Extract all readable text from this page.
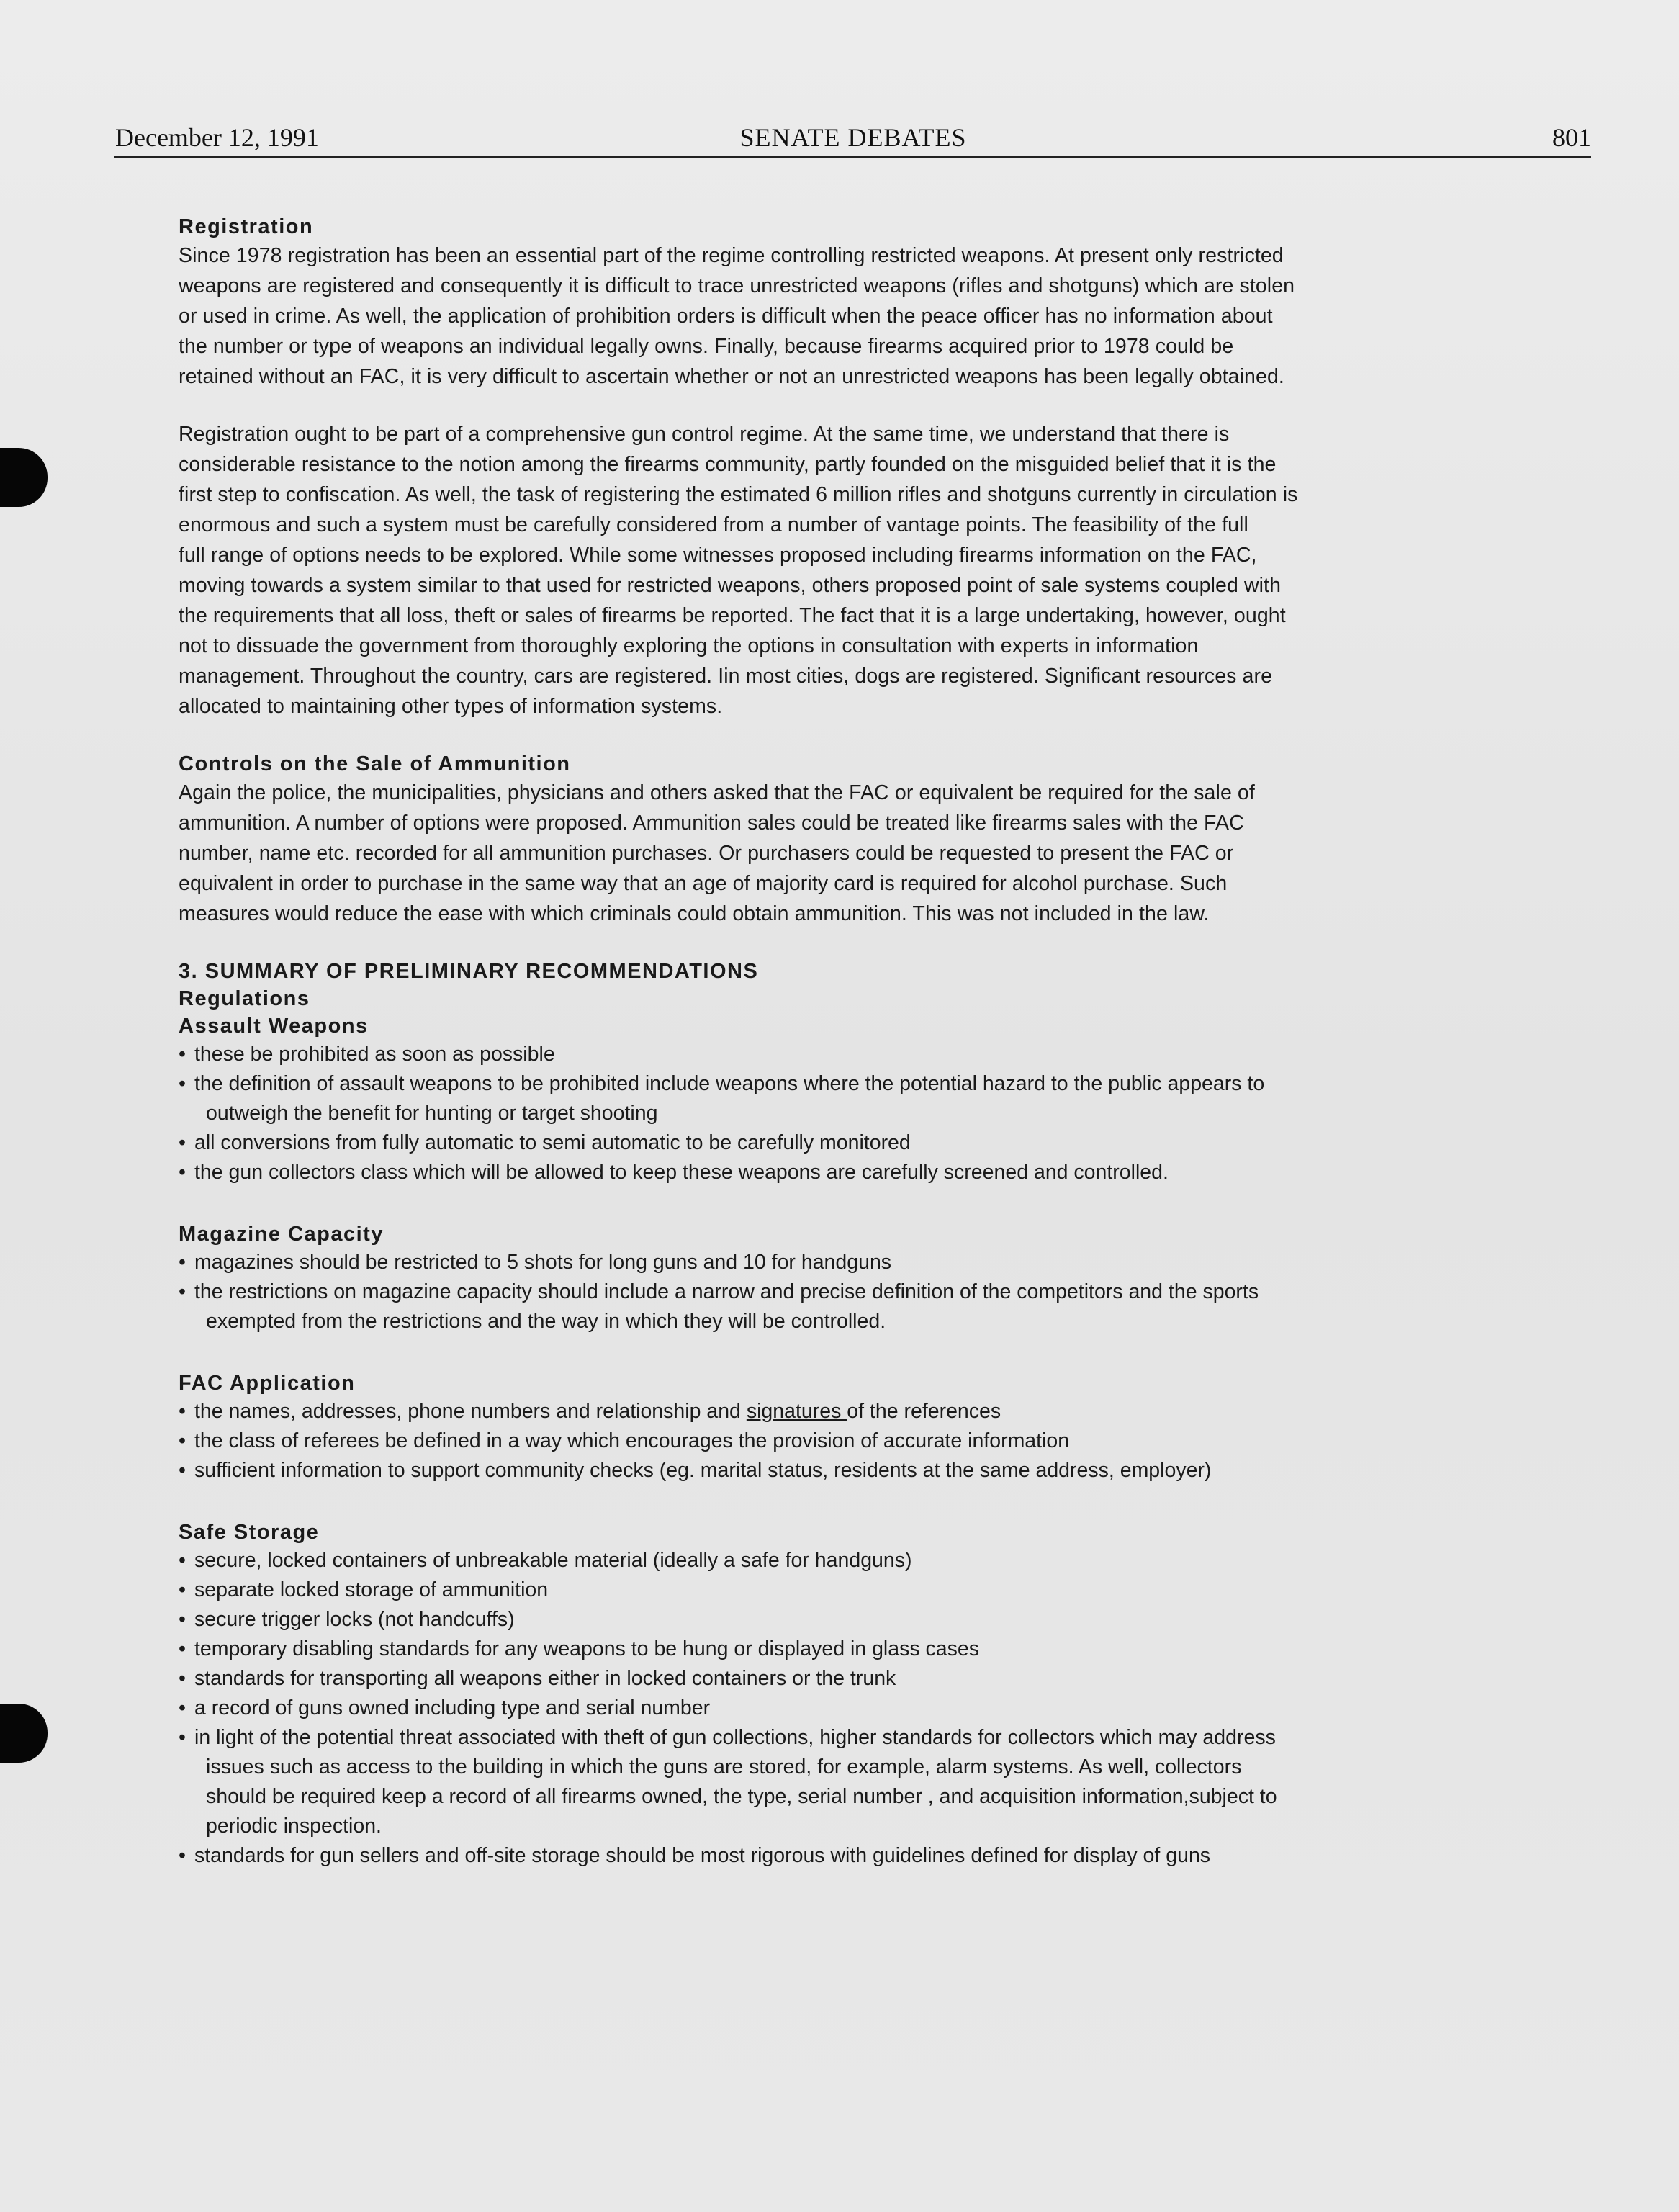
December 12, 1991	SENATE DEBATES	801
Registration

Since 1978 registration has been an essential part of the regime controlling restricted weapons. At present only restricted

weapons are registered and consequently it is difficult to trace unrestricted weapons (rifles and shotguns) which are stolen

or used in crime. As well, the application of prohibition orders is difficult when the peace officer has no information about

the number or type of weapons an individual legally owns. Finally, because firearms acquired prior to 1978 could be

retained without an FAC, it is very difficult to ascertain whether or not an unrestricted weapons has been legally obtained.

Registration ought to be part of a comprehensive gun control regime. At the same time, we understand that there is

considerable resistance to the notion among the firearms community, partly founded on the misguided belief that it is the

first step to confiscation. As well, the task of registering the estimated 6 million rifles and shotguns currently in circulation is

enormous and such a system must be carefully considered from a number of vantage points. The feasibility of the full

full range of options needs to be explored. While some witnesses proposed including firearms information on the FAC,

moving towards a system similar to that used for restricted weapons, others proposed point of sale systems coupled with

the requirements that all loss, theft or sales of firearms be reported. The fact that it is a large undertaking, however, ought

not to dissuade the government from thoroughly exploring the options in consultation with experts in information

management. Throughout the country, cars are registered. Iin most cities, dogs are registered. Significant resources are

allocated to maintaining other types of information systems.

Controls on the Sale of Ammunition

Again the police, the municipalities, physicians and others asked that the FAC or equivalent be required for the sale of

ammunition. A number of options were proposed. Ammunition sales could be treated like firearms sales with the FAC

number, name etc. recorded for all ammunition purchases. Or purchasers could be requested to present the FAC or

equivalent in order to purchase in the same way that an age of majority card is required for alcohol purchase. Such

measures would reduce the ease with which criminals could obtain ammunition. This was not included in the law.

3. SUMMARY OF PRELIMINARY RECOMMENDATIONS
Regulations
Assault Weapons
• these be prohibited as soon as possible
• the definition of assault weapons to be prohibited include weapons where the potential hazard to the public appears to
outweigh the benefit for hunting or target shooting
• all conversions from fully automatic to semi automatic to be carefully monitored
• the gun collectors class which will be allowed to keep these weapons are carefully screened and controlled.
Magazine Capacity
• magazines should be restricted to 5 shots for long guns and 10 for handguns
• the restrictions on magazine capacity should include a narrow and precise definition of the competitors and the sports
exempted from the restrictions and the way in which they will be controlled.
FAC Application
• the names, addresses, phone numbers and relationship and signatures of the references
• the class of referees be defined in a way which encourages the provision of accurate information
• sufficient information to support community checks (eg. marital status, residents at the same address, employer)
Safe Storage
• secure, locked containers of unbreakable material (ideally a safe for handguns)
• separate locked storage of ammunition
• secure trigger locks (not handcuffs)
• temporary disabling standards for any weapons to be hung or displayed in glass cases
• standards for transporting all weapons either in locked containers or the trunk
• a record of guns owned including type and serial number
• in light of the potential threat associated with theft of gun collections, higher standards for collectors which may address
issues such as access to the building in which the guns are stored, for example, alarm systems. As well, collectors
should be required keep a record of all firearms owned, the type, serial number , and acquisition information,subject to
periodic inspection.
• standards for gun sellers and off-site storage should be most rigorous with guidelines defined for display of guns
